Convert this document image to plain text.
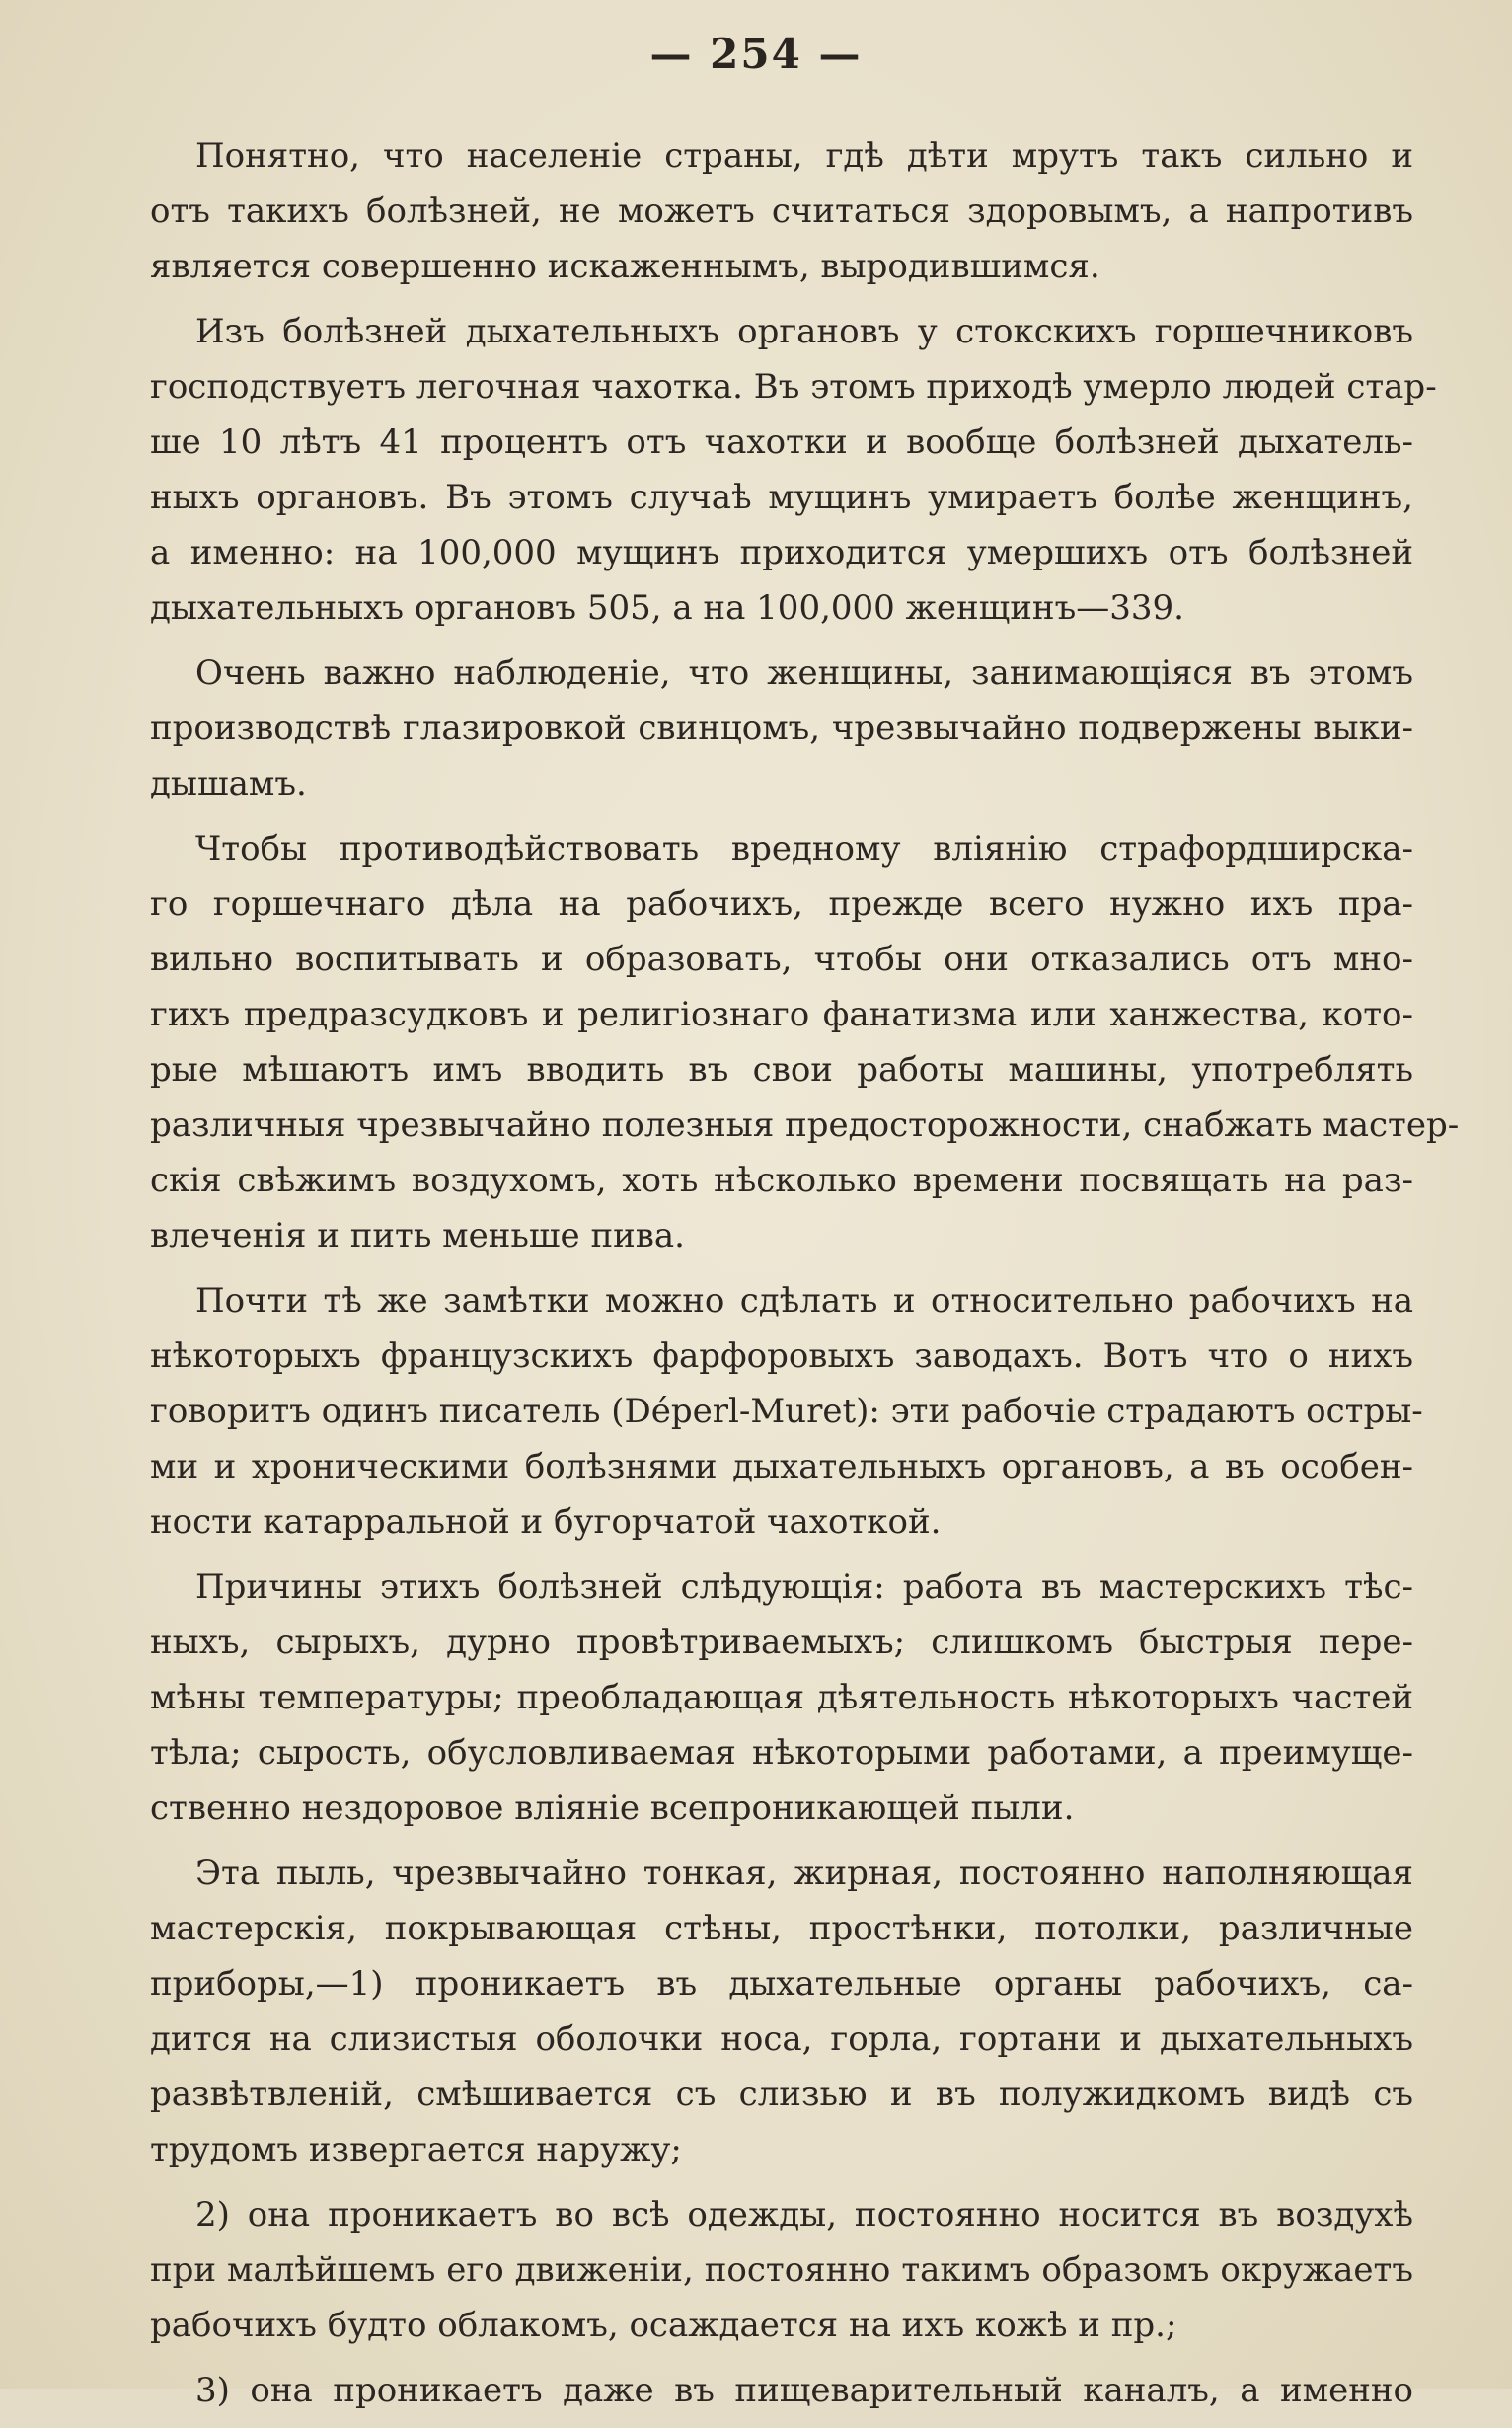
— 254 —
Понятно, что населеніе страны, гдѣ дѣти мрутъ такъ сильно и
отъ такихъ болѣзней, не можетъ считаться здоровымъ, а напротивъ
является совершенно искаженнымъ, выродившимся.
Изъ болѣзней дыхательныхъ органовъ у стокскихъ горшечниковъ
господствуетъ легочная чахотка. Въ этомъ приходѣ умерло людей стар-
ше 10 лѣтъ 41 процентъ отъ чахотки и вообще болѣзней дыхатель-
ныхъ органовъ. Въ этомъ случаѣ мущинъ умираетъ болѣе женщинъ,
а именно: на 100,000 мущинъ приходится умершихъ отъ болѣзней
дыхательныхъ органовъ 505, а на 100,000 женщинъ—339.
Очень важно наблюденіе, что женщины, занимающіяся въ этомъ
производствѣ глазировкой свинцомъ, чрезвычайно подвержены выки-
дышамъ.
Чтобы противодѣйствовать вредному вліянію страфордширска-
го горшечнаго дѣла на рабочихъ, прежде всего нужно ихъ пра-
вильно воспитывать и образовать, чтобы они отказались отъ мно-
гихъ предразсудковъ и религіознаго фанатизма или ханжества, кото-
рые мѣшаютъ имъ вводить въ свои работы машины, употреблять
различныя чрезвычайно полезныя предосторожности, снабжать мастер-
скія свѣжимъ воздухомъ, хоть нѣсколько времени посвящать на раз-
влеченія и пить меньше пива.
Почти тѣ же замѣтки можно сдѣлать и относительно рабочихъ на
нѣкоторыхъ французскихъ фарфоровыхъ заводахъ. Вотъ что о нихъ
говоритъ одинъ писатель (Déperl-Muret): эти рабочіе страдаютъ остры-
ми и хроническими болѣзнями дыхательныхъ органовъ, а въ особен-
ности катарральной и бугорчатой чахоткой.
Причины этихъ болѣзней слѣдующія: работа въ мастерскихъ тѣс-
ныхъ, сырыхъ, дурно провѣтриваемыхъ; слишкомъ быстрыя пере-
мѣны температуры; преобладающая дѣятельность нѣкоторыхъ частей
тѣла; сырость, обусловливаемая нѣкоторыми работами, а преимуще-
ственно нездоровое вліяніе всепроникающей пыли.
Эта пыль, чрезвычайно тонкая, жирная, постоянно наполняющая
мастерскія, покрывающая стѣны, простѣнки, потолки, различные
приборы,—1) проникаетъ въ дыхательные органы рабочихъ, са-
дится на слизистыя оболочки носа, горла, гортани и дыхательныхъ
развѣтвленій, смѣшивается съ слизью и въ полужидкомъ видѣ съ
трудомъ извергается наружу;
2) она проникаетъ во всѣ одежды, постоянно носится въ воздухѣ
при малѣйшемъ его движеніи, постоянно такимъ образомъ окружаетъ
рабочихъ будто облакомъ, осаждается на ихъ кожѣ и пр.;
3) она проникаетъ даже въ пищеварительный каналъ, а именно
